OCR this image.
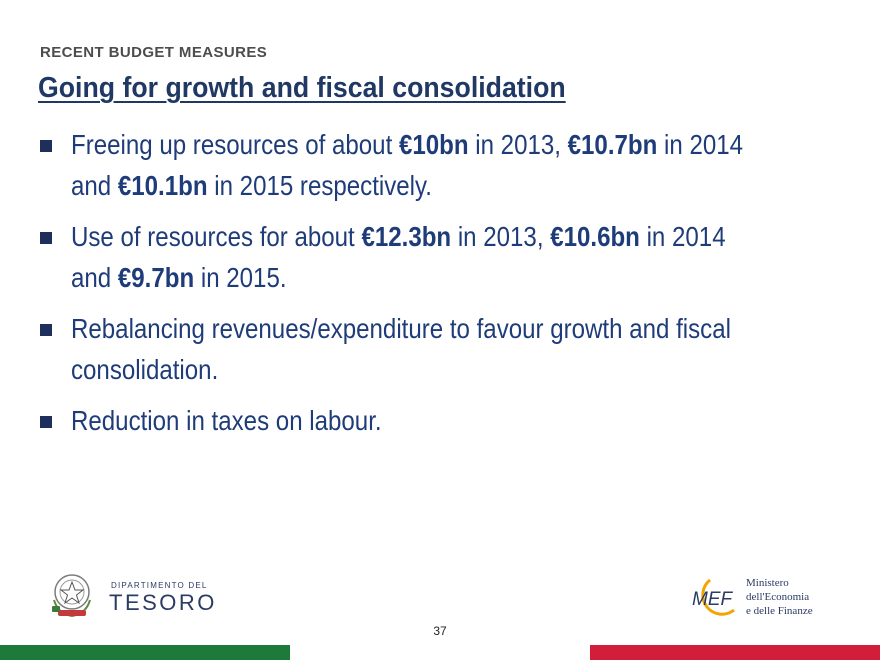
RECENT BUDGET MEASURES
Going for growth and fiscal consolidation
Freeing up resources of about €10bn in 2013, €10.7bn in 2014
and €10.1bn in 2015 respectively.
Use of resources for about €12.3bn in 2013, €10.6bn in 2014
and €9.7bn in 2015.
Rebalancing revenues/expenditure to favour growth and fiscal
consolidation.
Reduction in taxes on labour.
DIPARTIMENTO DEL
TESORO	MEF
Ministero
dell'Economia
e delle Finanze
37
